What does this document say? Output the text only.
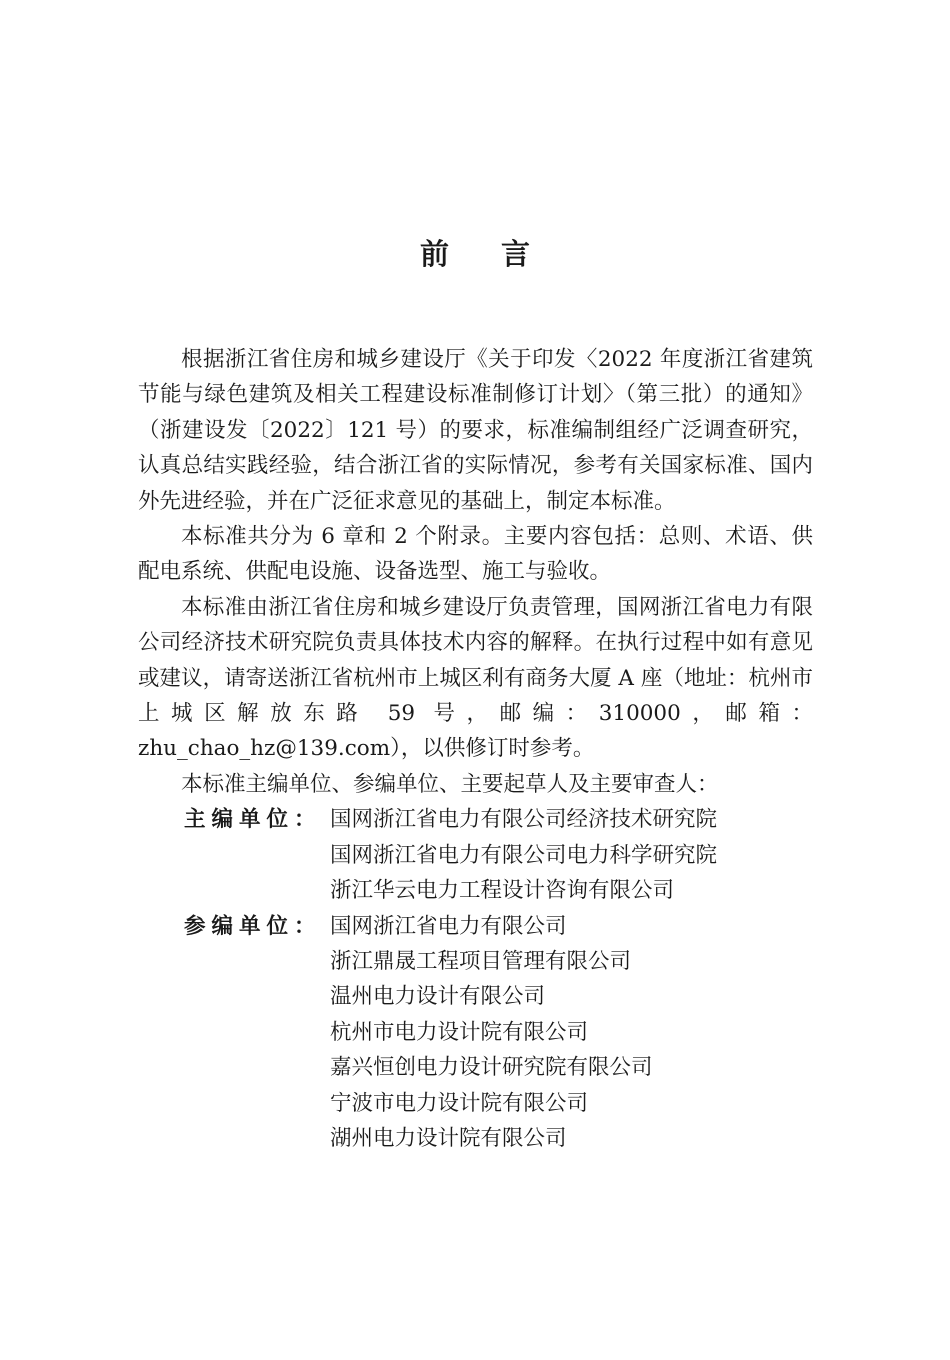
前言

根据浙江省住房和城乡建设厅《关于印发〈2022 年度浙江省建筑节能与绿色建筑及相关工程建设标准制修订计划〉（第三批）的通知》（浙建设发〔2022〕121 号）的要求，标准编制组经广泛调查研究，认真总结实践经验，结合浙江省的实际情况，参考有关国家标准、国内外先进经验，并在广泛征求意见的基础上，制定本标准。

本标准共分为 6 章和 2 个附录。主要内容包括：总则、术语、供配电系统、供配电设施、设备选型、施工与验收。

本标准由浙江省住房和城乡建设厅负责管理，国网浙江省电力有限公司经济技术研究院负责具体技术内容的解释。在执行过程中如有意见或建议，请寄送浙江省杭州市上城区利有商务大厦 A 座（地址：杭州市上城区解放东路 59 号，邮编：310000，邮箱：zhu_chao_hz@139.com），以供修订时参考。

本标准主编单位、参编单位、主要起草人及主要审查人：

主编单位： 国网浙江省电力有限公司经济技术研究院
国网浙江省电力有限公司电力科学研究院
浙江华云电力工程设计咨询有限公司
参编单位： 国网浙江省电力有限公司
浙江鼎晟工程项目管理有限公司
温州电力设计有限公司
杭州市电力设计院有限公司
嘉兴恒创电力设计研究院有限公司
宁波市电力设计院有限公司
湖州电力设计院有限公司
